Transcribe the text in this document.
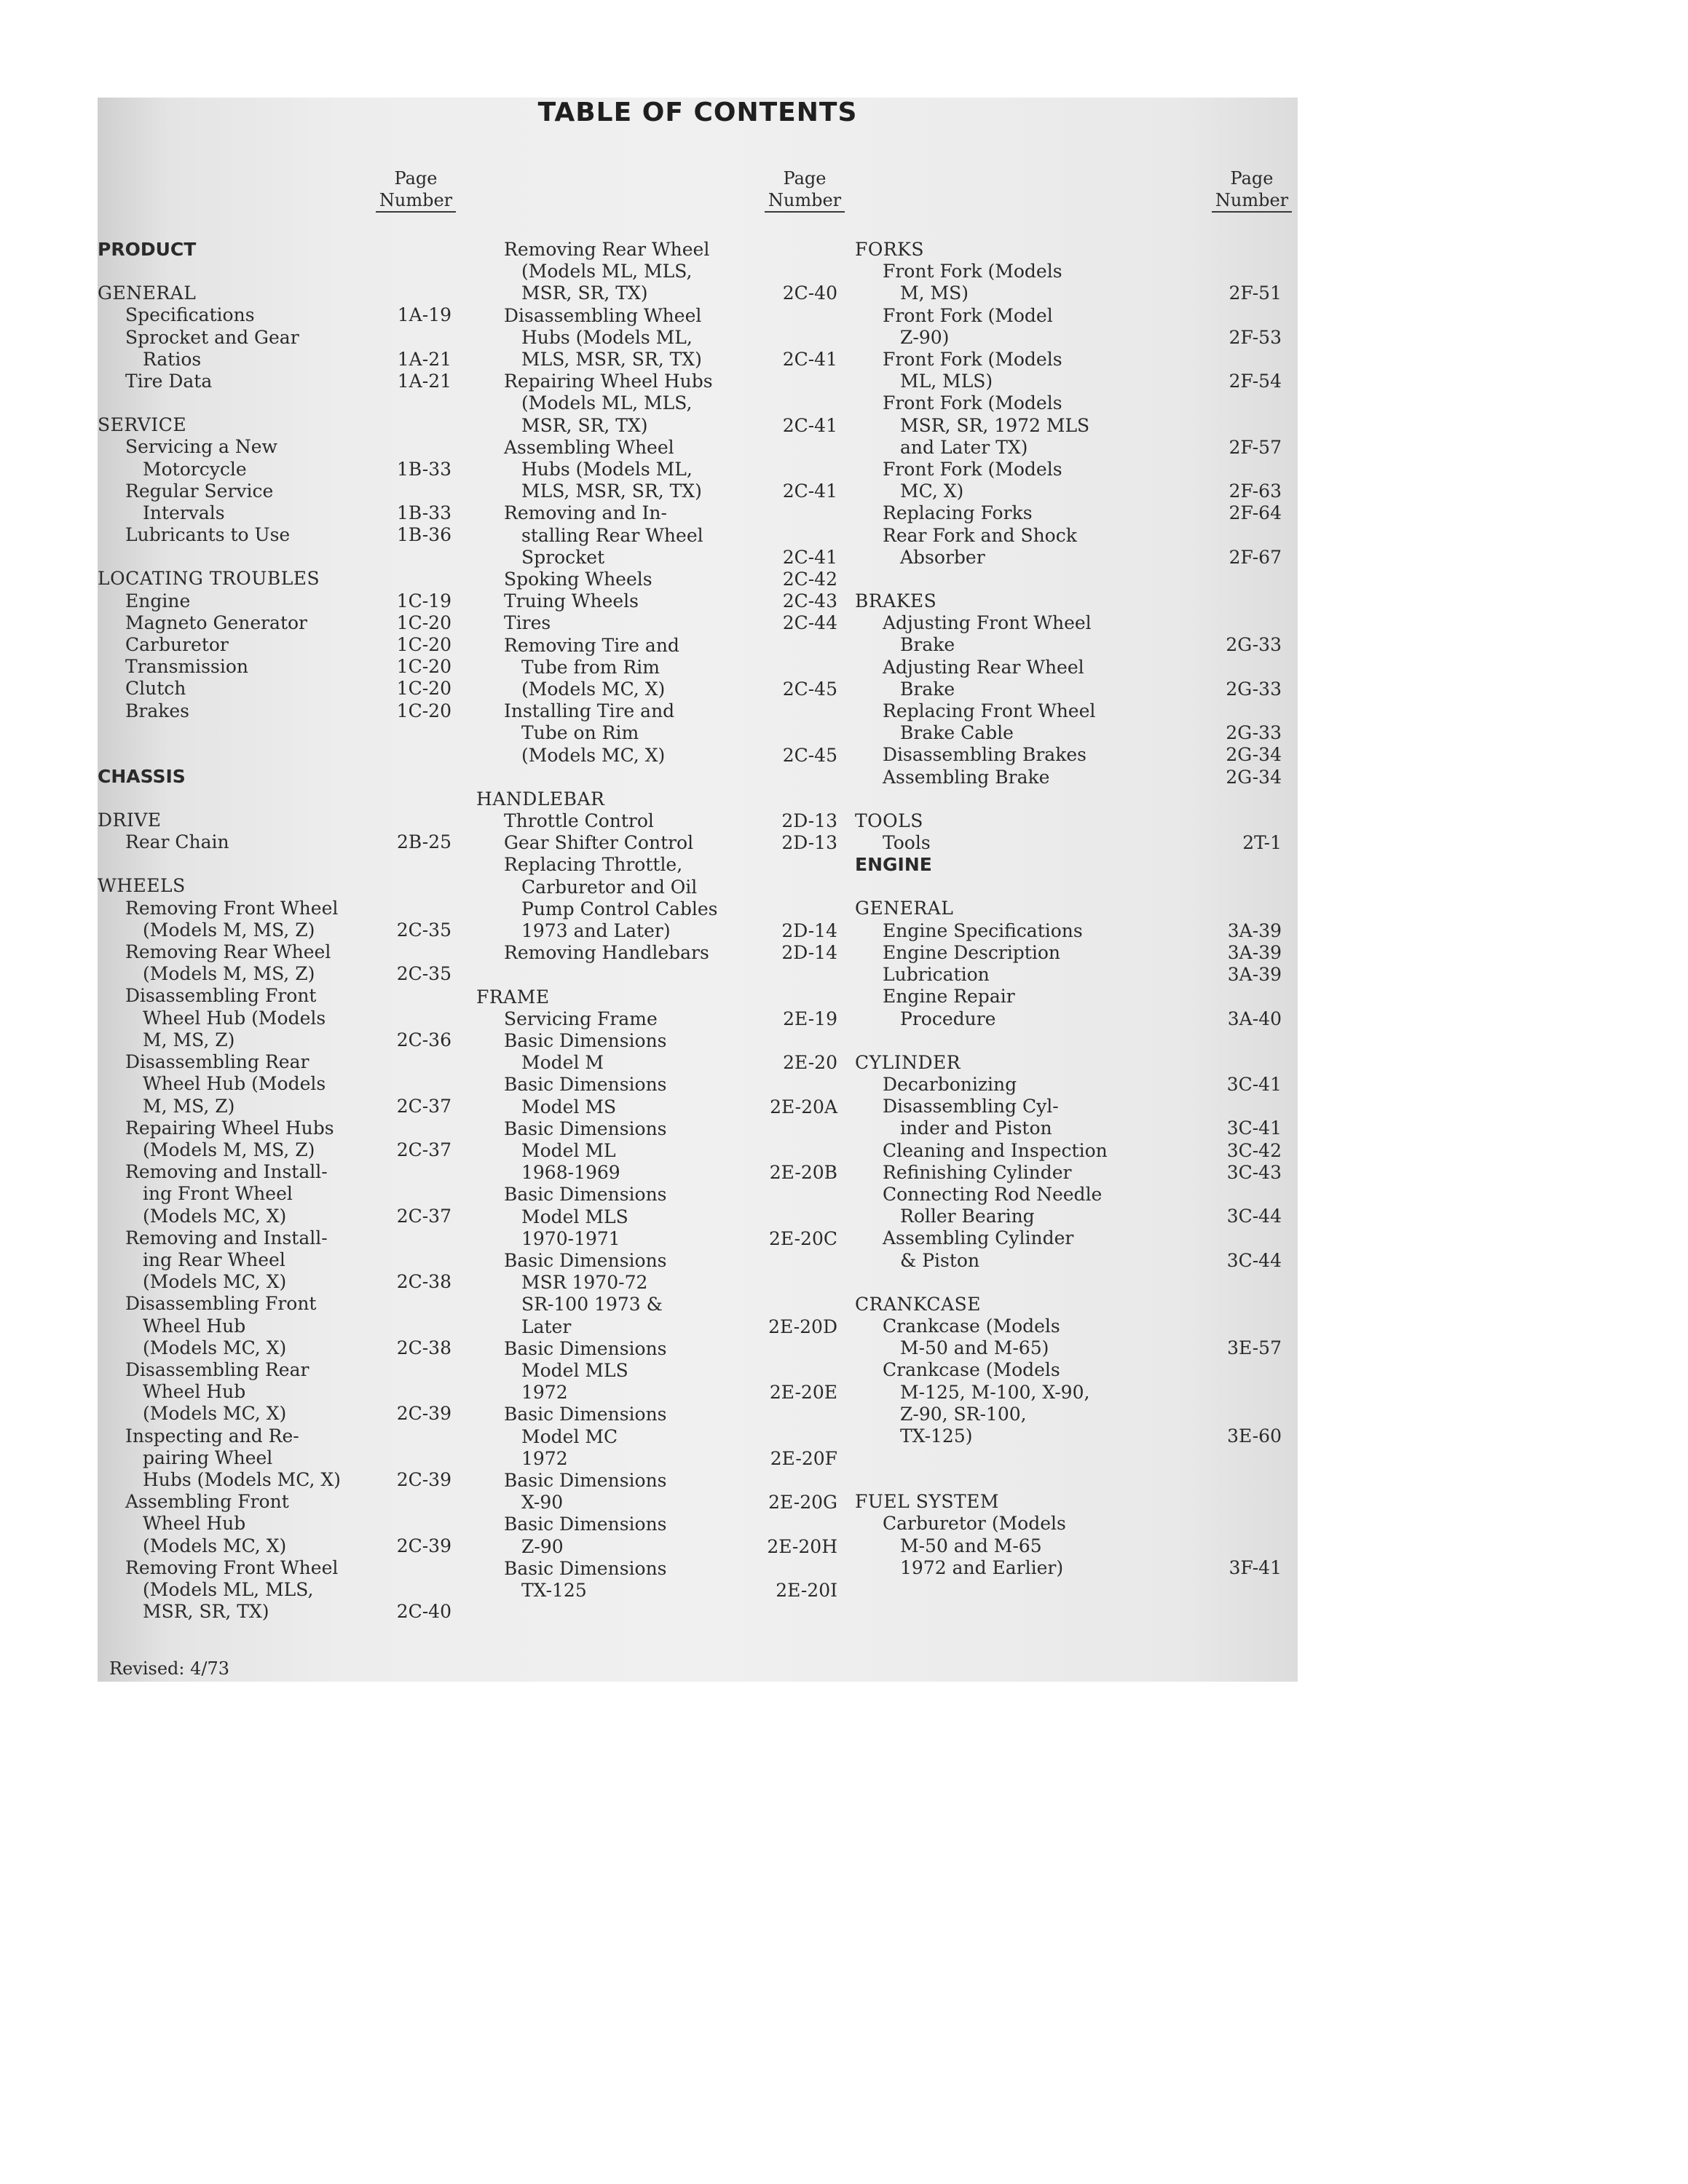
TABLE OF CONTENTS
Page
Number
PRODUCT
GENERAL
Specifications	1A-19
Sprocket and Gear
Ratios	1A-21
Tire Data	1A-21
SERVICE
Servicing a New
Motorcycle	1B-33
Regular Service
Intervals	1B-33
Lubricants to Use	1B-36
LOCATING TROUBLES
Engine	1C-19
Magneto Generator	1C-20
Carburetor	1C-20
Transmission	1C-20
Clutch	1C-20
Brakes	1C-20
CHASSIS
DRIVE
Rear Chain	2B-25
WHEELS
Removing Front Wheel
(Models M, MS, Z)	2C-35
Removing Rear Wheel
(Models M, MS, Z)	2C-35
Disassembling Front
Wheel Hub (Models
M, MS, Z)	2C-36
Disassembling Rear
Wheel Hub (Models
M, MS, Z)	2C-37
Repairing Wheel Hubs
(Models M, MS, Z)	2C-37
Removing and Install-
ing Front Wheel
(Models MC, X)	2C-37
Removing and Install-
ing Rear Wheel
(Models MC, X)	2C-38
Disassembling Front
Wheel Hub
(Models MC, X)	2C-38
Disassembling Rear
Wheel Hub
(Models MC, X)	2C-39
Inspecting and Re-
pairing Wheel
Hubs (Models MC, X)	2C-39
Assembling Front
Wheel Hub
(Models MC, X)	2C-39
Removing Front Wheel
(Models ML, MLS,
MSR, SR, TX)	2C-40
Page
Number
Removing Rear Wheel
(Models ML, MLS,
MSR, SR, TX)	2C-40
Disassembling Wheel
Hubs (Models ML,
MLS, MSR, SR, TX)	2C-41
Repairing Wheel Hubs
(Models ML, MLS,
MSR, SR, TX)	2C-41
Assembling Wheel
Hubs (Models ML,
MLS, MSR, SR, TX)	2C-41
Removing and In-
stalling Rear Wheel
Sprocket	2C-41
Spoking Wheels	2C-42
Truing Wheels	2C-43
Tires	2C-44
Removing Tire and
Tube from Rim
(Models MC, X)	2C-45
Installing Tire and
Tube on Rim
(Models MC, X)	2C-45
HANDLEBAR
Throttle Control	2D-13
Gear Shifter Control	2D-13
Replacing Throttle,
Carburetor and Oil
Pump Control Cables
1973 and Later)	2D-14
Removing Handlebars	2D-14
FRAME
Servicing Frame	2E-19
Basic Dimensions
Model M	2E-20
Basic Dimensions
Model MS	2E-20A
Basic Dimensions
Model ML
1968-1969	2E-20B
Basic Dimensions
Model MLS
1970-1971	2E-20C
Basic Dimensions
MSR 1970-72
SR-100 1973 &
Later	2E-20D
Basic Dimensions
Model MLS
1972	2E-20E
Basic Dimensions
Model MC
1972	2E-20F
Basic Dimensions
X-90	2E-20G
Basic Dimensions
Z-90	2E-20H
Basic Dimensions
TX-125	2E-20I
Page
Number
FORKS
Front Fork (Models
M, MS)	2F-51
Front Fork (Model
Z-90)	2F-53
Front Fork (Models
ML, MLS)	2F-54
Front Fork (Models
MSR, SR, 1972 MLS
and Later TX)	2F-57
Front Fork (Models
MC, X)	2F-63
Replacing Forks	2F-64
Rear Fork and Shock
Absorber	2F-67
BRAKES
Adjusting Front Wheel
Brake	2G-33
Adjusting Rear Wheel
Brake	2G-33
Replacing Front Wheel
Brake Cable	2G-33
Disassembling Brakes	2G-34
Assembling Brake	2G-34
TOOLS
Tools	2T-1
ENGINE
GENERAL
Engine Specifications	3A-39
Engine Description	3A-39
Lubrication	3A-39
Engine Repair
Procedure	3A-40
CYLINDER
Decarbonizing	3C-41
Disassembling Cyl-
inder and Piston	3C-41
Cleaning and Inspection	3C-42
Refinishing Cylinder	3C-43
Connecting Rod Needle
Roller Bearing	3C-44
Assembling Cylinder
& Piston	3C-44
CRANKCASE
Crankcase (Models
M-50 and M-65)	3E-57
Crankcase (Models
M-125, M-100, X-90,
Z-90, SR-100,
TX-125)	3E-60
FUEL SYSTEM
Carburetor (Models
M-50 and M-65
1972 and Earlier)	3F-41
Revised: 4/73
